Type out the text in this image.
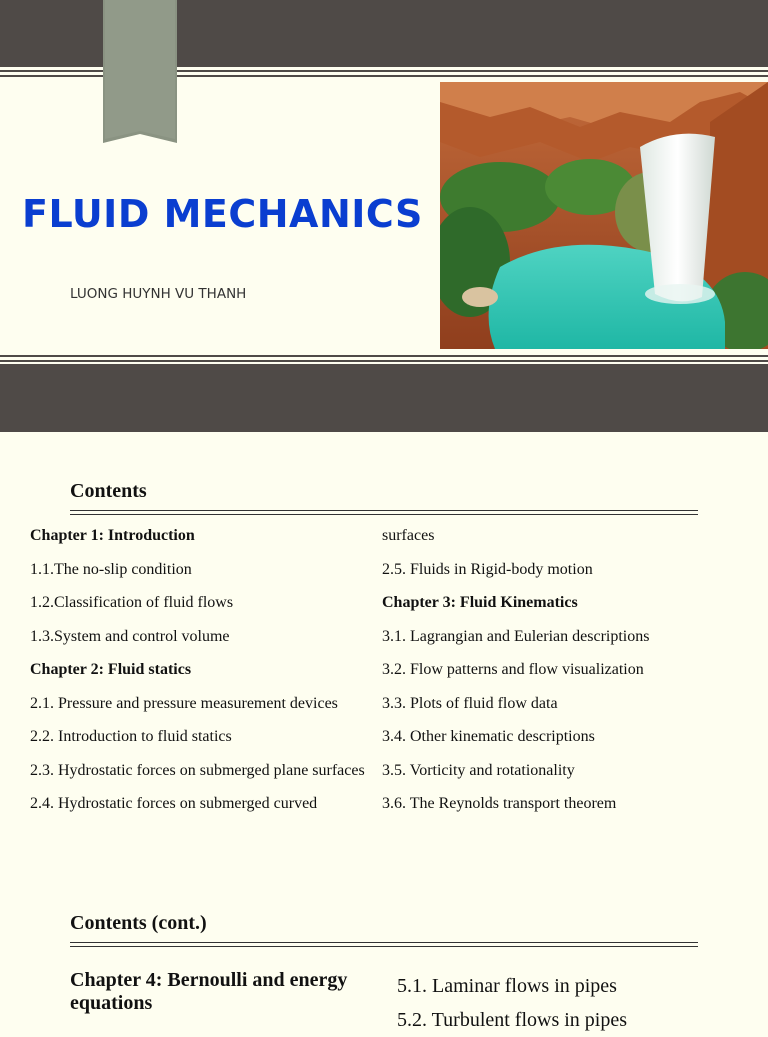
FLUID MECHANICS
LUONG HUYNH VU THANH
Contents
Chapter 1: Introduction
1.1.The no-slip condition
1.2.Classification of fluid flows
1.3.System and control volume
Chapter 2: Fluid statics
2.1. Pressure and pressure measurement devices
2.2. Introduction to fluid statics
2.3. Hydrostatic forces on submerged plane surfaces
2.4. Hydrostatic forces on submerged curved
surfaces
2.5. Fluids in Rigid-body motion
Chapter 3: Fluid Kinematics
3.1. Lagrangian and Eulerian descriptions
3.2. Flow patterns and flow visualization
3.3. Plots of fluid flow data
3.4. Other kinematic descriptions
3.5. Vorticity and rotationality
3.6. The Reynolds transport theorem
Contents (cont.)
Chapter 4: Bernoulli and energy equations
5.1. Laminar flows in pipes
5.2. Turbulent flows in pipes
